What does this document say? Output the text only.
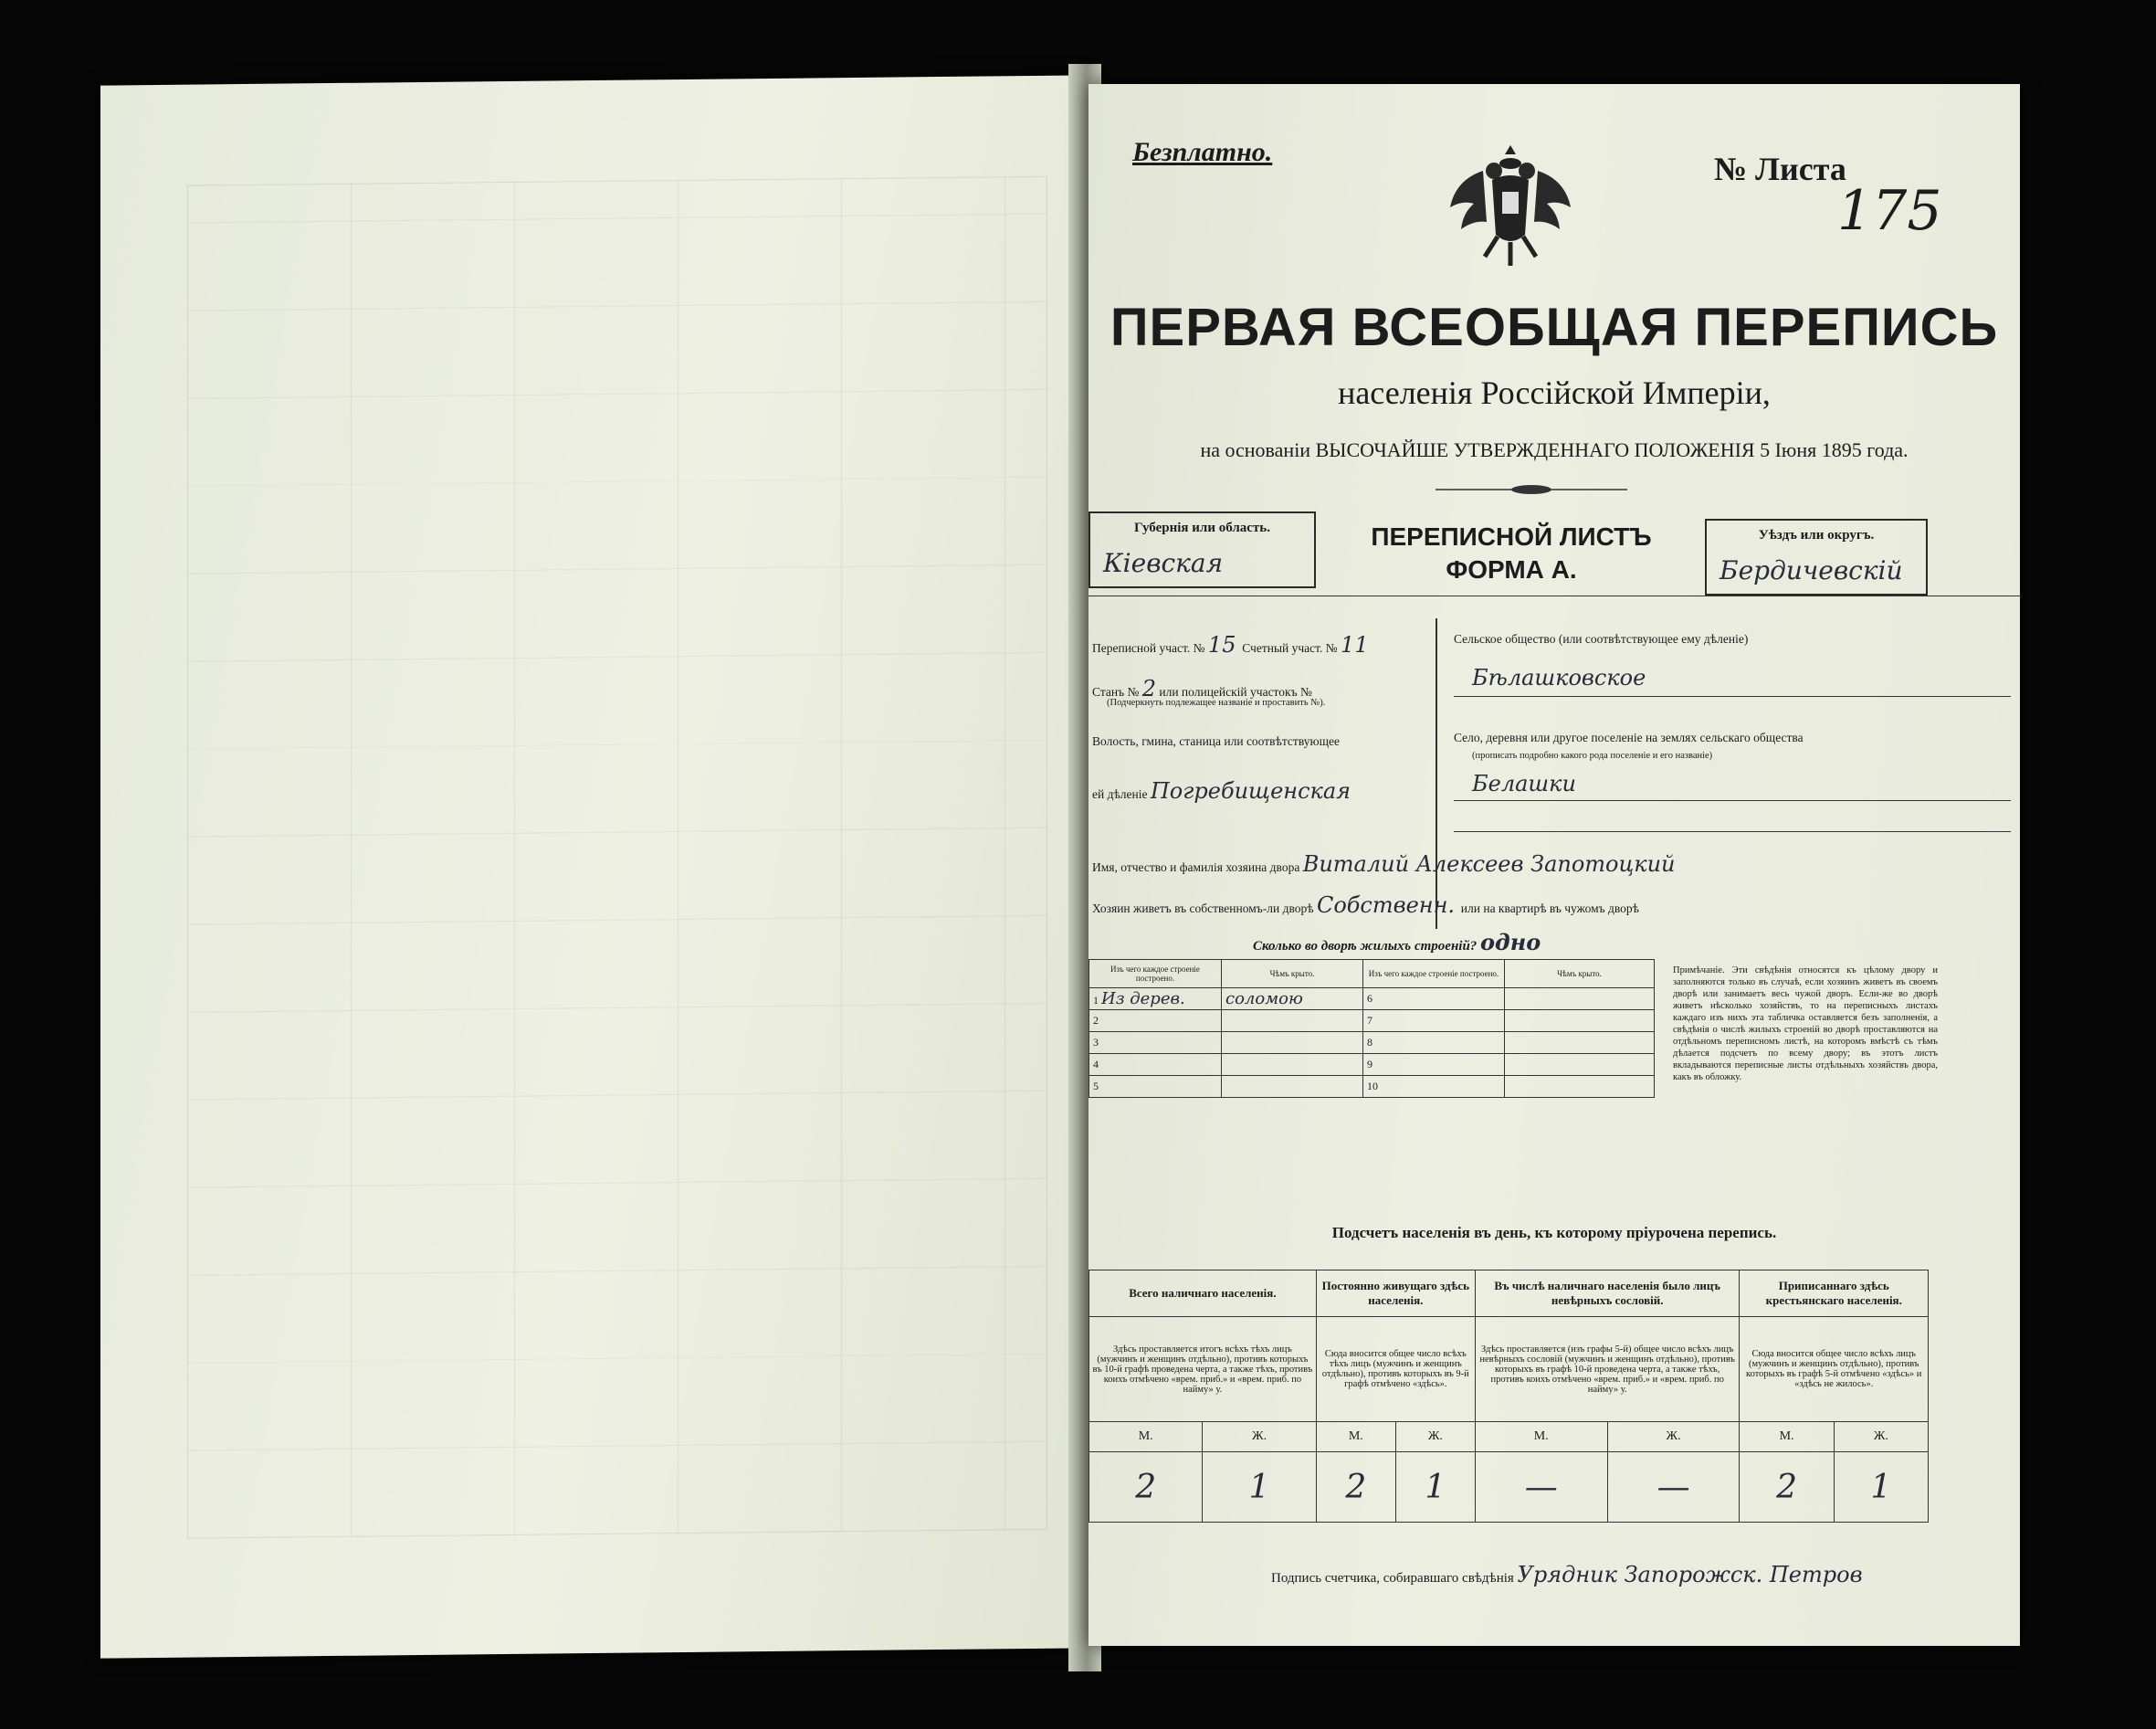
Безплатно.	№ Листа
175
ПЕРВАЯ ВСЕОБЩАЯ ПЕРЕПИСЬ
населенія Россійской Имперіи,
на основаніи ВЫСОЧАЙШЕ УТВЕРЖДЕННАГО ПОЛОЖЕНІЯ 5 Іюня 1895 года.
Губернія или область.
Кіевская
ПЕРЕПИСНОЙ ЛИСТЪ
ФОРМА А.
Уѣздъ или округъ.
Бердичевскій
Переписной участ. № 15 Счетный участ. № 11
Станъ № 2 или полицейскій участокъ №
(Подчеркнуть подлежащее названіе и проставить №).
Волость, гмина, станица или соотвѣтствующее
ей дѣленіе Погребищенская
Сельское общество (или соотвѣтствующее ему дѣленіе)
Бѣлашковское
Село, деревня или другое поселеніе на землях сельскаго общества
(прописать подробно какого рода поселеніе и его названіе)
Белашки
Имя, отчество и фамилія хозяина двора Виталий Алексеев Запотоцкий
Хозяин живетъ въ собственномъ-ли дворѣ Собственн. или на квартирѣ въ чужомъ дворѣ
Сколько во дворѣ жилыхъ строеній? одно
Изъ чего каждое строеніе построено.	Чѣмъ крыто.	Изъ чего каждое строеніе построено.	Чѣмъ крыто.
1 Из дерев.	соломою	6	
2		7	
3		8	
4		9	
5		10	
Примѣчаніе. Эти свѣдѣнія относятся къ цѣлому двору и заполняются только въ случаѣ, если хозяинъ живетъ въ своемъ дворѣ или занимаетъ весь чужой дворъ. Если-же во дворѣ живетъ нѣсколько хозяйствъ, то на переписныхъ листахъ каждаго изъ нихъ эта табличка оставляется безъ заполненія, а свѣдѣнія о числѣ жилыхъ строеній во дворѣ проставляются на отдѣльномъ переписномъ листѣ, на которомъ вмѣстѣ съ тѣмъ дѣлается подсчетъ по всему двору; въ этотъ листъ вкладываются переписные листы отдѣльныхъ хозяйствъ двора, какъ въ обложку.
Подсчетъ населенія въ день, къ которому пріурочена перепись.
Всего наличнаго населенія.		Постоянно живущаго здѣсь населенія.		Въ числѣ наличнаго населенія было лицъ невѣрныхъ сословій.		Приписаннаго здѣсь крестьянскаго населенія.	
Здѣсь проставляется итогъ всѣхъ тѣхъ лицъ (мужчинъ и женщинъ отдѣльно), противъ которыхъ въ 10-й графѣ проведена черта, а также тѣхъ, противъ коихъ отмѣчено «врем. приб.» и «врем. приб. по найму» у.		Сюда вносится общее число всѣхъ тѣхъ лицъ (мужчинъ и женщинъ отдѣльно), противъ которыхъ въ 9-й графѣ отмѣчено «здѣсь».		Здѣсь проставляется (изъ графы 5-й) общее число всѣхъ лицъ невѣрныхъ сословій (мужчинъ и женщинъ отдѣльно), противъ которыхъ въ графѣ 10-й проведена черта, а также тѣхъ, противъ коихъ отмѣчено «врем. приб.» и «врем. приб. по найму» у.		Сюда вносится общее число всѣхъ лицъ (мужчинъ и женщинъ отдѣльно), противъ которыхъ въ графѣ 5-й отмѣчено «здѣсь» и «здѣсь не жилось».	
М.	Ж.	М.	Ж.	М.	Ж.	М.	Ж.
2	1	2	1	—	—	2	1
Подпись счетчика, собиравшаго свѣдѣнія Урядник Запорожск. Петров
